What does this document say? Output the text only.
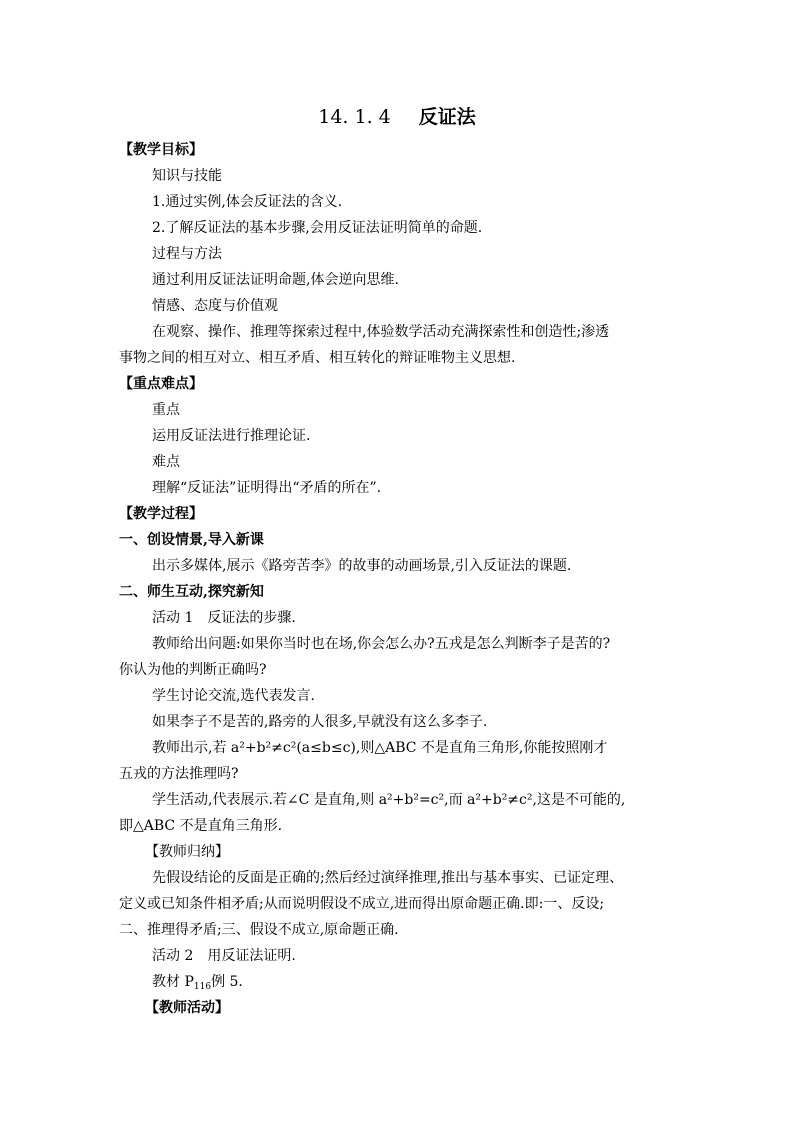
14. 1. 4 反证法
【教学目标】
知识与技能
1.通过实例,体会反证法的含义.
2.了解反证法的基本步骤,会用反证法证明简单的命题.
过程与方法
通过利用反证法证明命题,体会逆向思维.
情感、态度与价值观
在观察、操作、推理等探索过程中,体验数学活动充满探索性和创造性;渗透
事物之间的相互对立、相互矛盾、相互转化的辩证唯物主义思想.
【重点难点】
重点
运用反证法进行推理论证.
难点
理解“反证法”证明得出“矛盾的所在”.
【教学过程】
一、创设情景,导入新课
出示多媒体,展示《路旁苦李》的故事的动画场景,引入反证法的课题.
二、师生互动,探究新知
活动 1　反证法的步骤.
教师给出问题:如果你当时也在场,你会怎么办?五戎是怎么判断李子是苦的?
你认为他的判断正确吗?
学生讨论交流,选代表发言.
如果李子不是苦的,路旁的人很多,早就没有这么多李子.
教师出示,若 a²+b²≠c²(a≤b≤c),则△ABC 不是直角三角形,你能按照刚才
五戎的方法推理吗?
学生活动,代表展示.若∠C 是直角,则 a²+b²=c²,而 a²+b²≠c²,这是不可能的,
即△ABC 不是直角三角形.
【教师归纳】
先假设结论的反面是正确的;然后经过演绎推理,推出与基本事实、已证定理、
定义或已知条件相矛盾;从而说明假设不成立,进而得出原命题正确.即:一、反设;
二、推理得矛盾;三、假设不成立,原命题正确.
活动 2　用反证法证明.
教材 $P_{116}$例 5.
【教师活动】
